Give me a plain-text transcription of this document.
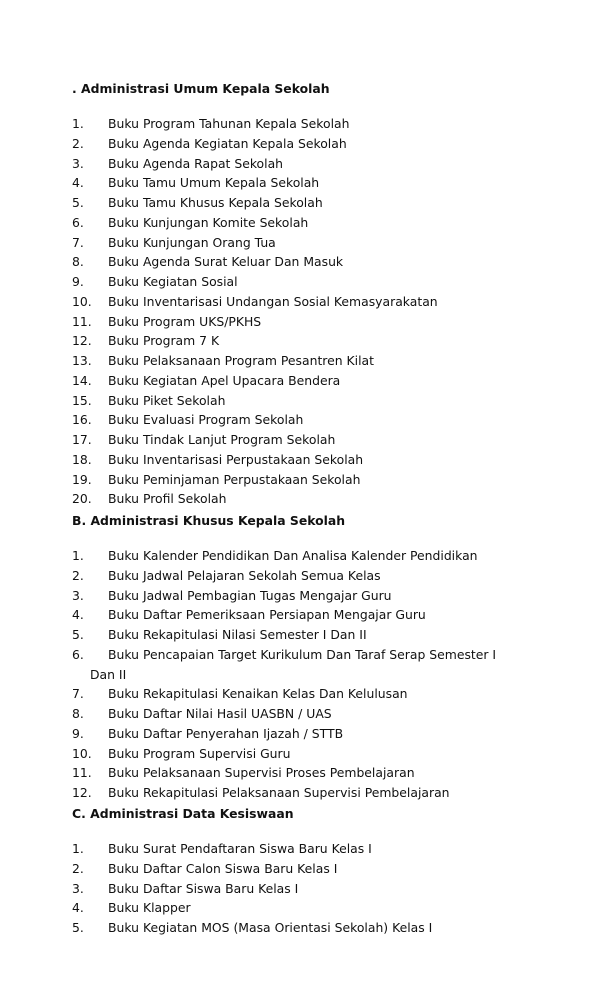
. Administrasi Umum Kepala Sekolah
1.	Buku Program Tahunan Kepala Sekolah
2.	Buku Agenda Kegiatan Kepala Sekolah
3.	Buku Agenda Rapat Sekolah
4.	Buku Tamu Umum Kepala Sekolah
5.	Buku Tamu Khusus Kepala Sekolah
6.	Buku Kunjungan Komite Sekolah
7.	Buku Kunjungan Orang Tua
8.	Buku Agenda Surat Keluar Dan Masuk
9.	Buku Kegiatan Sosial
10.	Buku Inventarisasi Undangan Sosial Kemasyarakatan
11.	Buku Program UKS/PKHS
12.	Buku Program 7 K
13.	Buku Pelaksanaan Program Pesantren Kilat
14.	Buku Kegiatan Apel Upacara Bendera
15.	Buku Piket Sekolah
16.	Buku Evaluasi Program Sekolah
17.	Buku Tindak Lanjut Program Sekolah
18.	Buku Inventarisasi Perpustakaan Sekolah
19.	Buku Peminjaman Perpustakaan Sekolah
20.	Buku Profil Sekolah
B. Administrasi Khusus Kepala Sekolah
1.	Buku Kalender Pendidikan Dan Analisa Kalender Pendidikan
2.	Buku Jadwal Pelajaran Sekolah Semua Kelas
3.	Buku Jadwal Pembagian Tugas Mengajar Guru
4.	Buku Daftar Pemeriksaan Persiapan Mengajar Guru
5.	Buku Rekapitulasi Nilasi Semester I Dan II
6.	Buku Pencapaian Target Kurikulum Dan Taraf Serap Semester I
Dan II
7.	Buku Rekapitulasi Kenaikan Kelas Dan Kelulusan
8.	Buku Daftar Nilai Hasil UASBN / UAS
9.	Buku Daftar Penyerahan Ijazah / STTB
10.	Buku Program Supervisi Guru
11.	Buku Pelaksanaan Supervisi Proses Pembelajaran
12.	Buku Rekapitulasi Pelaksanaan Supervisi Pembelajaran
C. Administrasi Data Kesiswaan
1.	Buku Surat Pendaftaran Siswa Baru Kelas I
2.	Buku Daftar Calon Siswa Baru Kelas I
3.	Buku Daftar Siswa Baru Kelas I
4.	Buku Klapper
5.	Buku Kegiatan MOS (Masa Orientasi Sekolah) Kelas I
